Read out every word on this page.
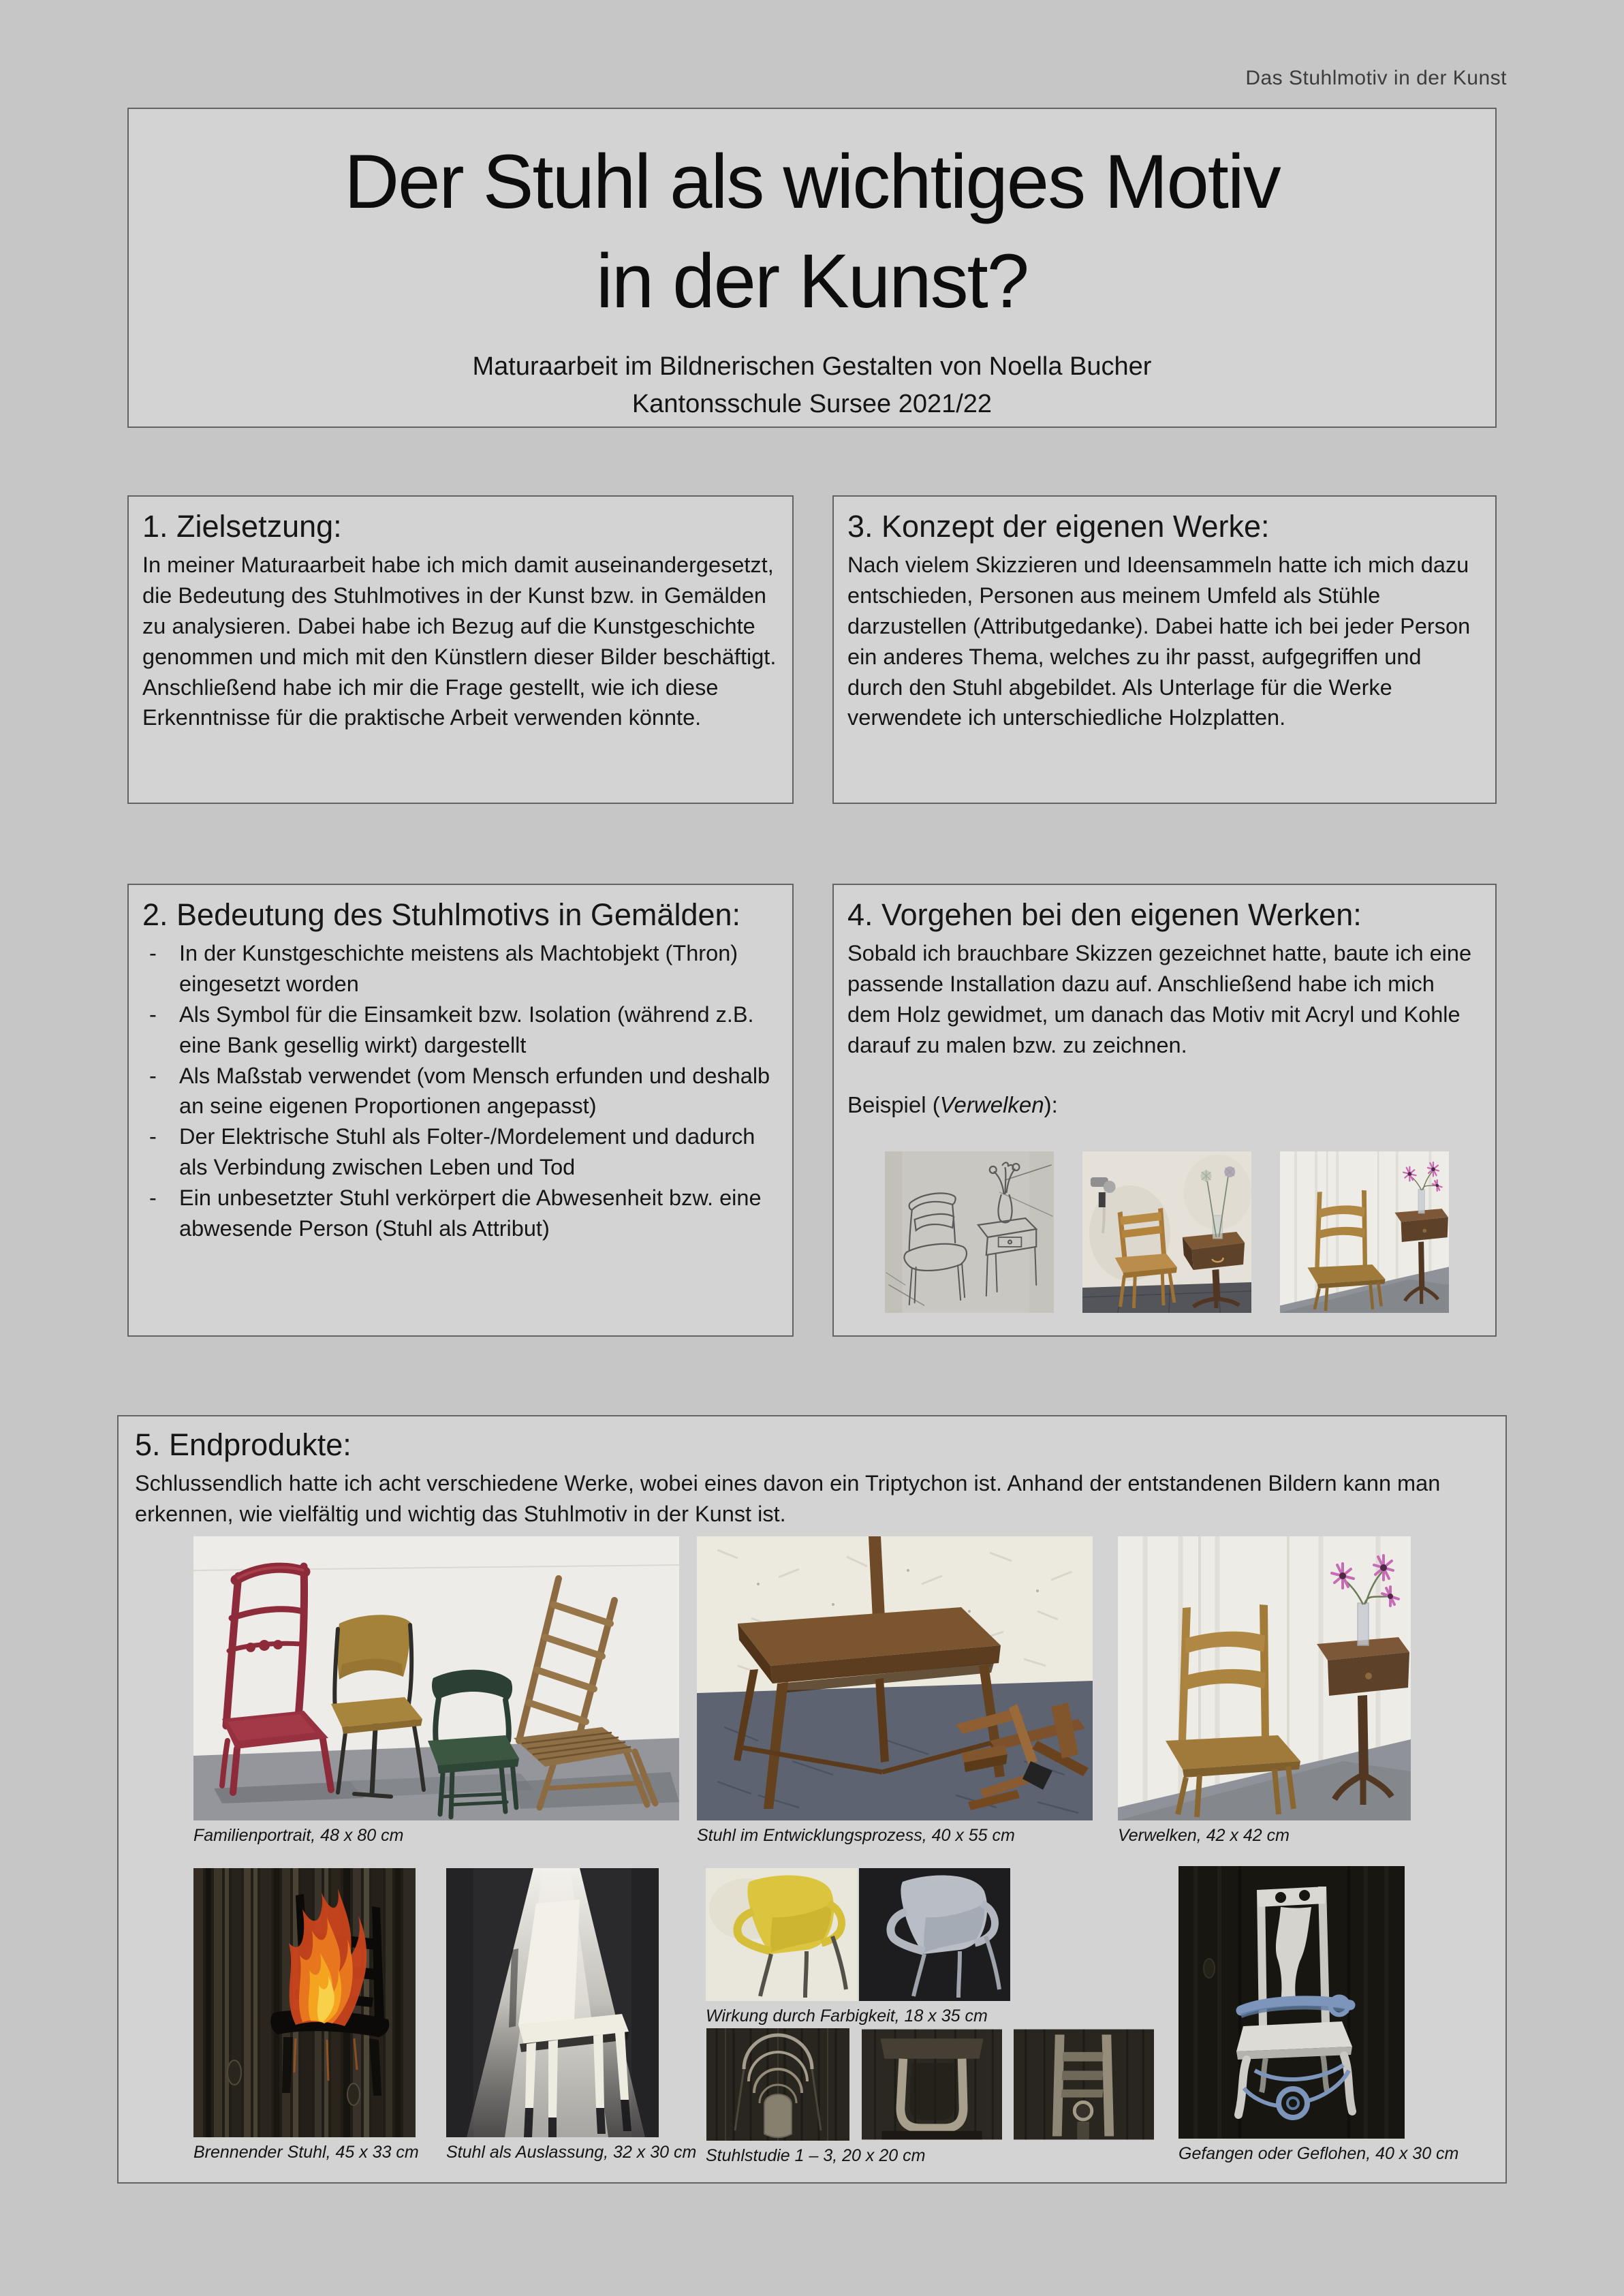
Das Stuhlmotiv in der Kunst
Der Stuhl als wichtiges Motiv
in der Kunst?
Maturaarbeit im Bildnerischen Gestalten von Noella Bucher
Kantonsschule Sursee 2021/22
1. Zielsetzung:

In meiner Maturaarbeit habe ich mich damit auseinandergesetzt, die Bedeutung des Stuhlmotives in der Kunst bzw. in Gemälden zu analysieren. Dabei habe ich Bezug auf die Kunstgeschichte genommen und mich mit den Künstlern dieser Bilder beschäftigt. Anschließend habe ich mir die Frage gestellt, wie ich diese Erkenntnisse für die praktische Arbeit verwenden könnte.

3. Konzept der eigenen Werke:

Nach vielem Skizzieren und Ideensammeln hatte ich mich dazu entschieden, Personen aus meinem Umfeld als Stühle darzustellen (Attributgedanke). Dabei hatte ich bei jeder Person ein anderes Thema, welches zu ihr passt, aufgegriffen und durch den Stuhl abgebildet. Als Unterlage für die Werke verwendete ich unterschiedliche Holzplatten.

2. Bedeutung des Stuhlmotivs in Gemälden:
- In der Kunstgeschichte meistens als Machtobjekt (Thron) eingesetzt worden
- Als Symbol für die Einsamkeit bzw. Isolation (während z.B. eine Bank gesellig wirkt) dargestellt
- Als Maßstab verwendet (vom Mensch erfunden und deshalb an seine eigenen Proportionen angepasst)
- Der Elektrische Stuhl als Folter-/Mordelement und dadurch als Verbindung zwischen Leben und Tod
- Ein unbesetzter Stuhl verkörpert die Abwesenheit bzw. eine abwesende Person (Stuhl als Attribut)
4. Vorgehen bei den eigenen Werken:

Sobald ich brauchbare Skizzen gezeichnet hatte, baute ich eine passende Installation dazu auf. Anschließend habe ich mich dem Holz gewidmet, um danach das Motiv mit Acryl und Kohle darauf zu malen bzw. zu zeichnen.

Beispiel (Verwelken):

5. Endprodukte:

Schlussendlich hatte ich acht verschiedene Werke, wobei eines davon ein Triptychon ist. Anhand der entstandenen Bildern kann man erkennen, wie vielfältig und wichtig das Stuhlmotiv in der Kunst ist.

Familienportrait, 48 x 80 cm	Stuhl im Entwicklungsprozess, 40 x 55 cm	Verwelken, 42 x 42 cm
Brennender Stuhl, 45 x 33 cm Stuhl als Auslassung, 32 x 30 cm
Wirkung durch Farbigkeit, 18 x 35 cm
Stuhlstudie 1 – 3, 20 x 20 cm	Gefangen oder Geflohen, 40 x 30 cm
